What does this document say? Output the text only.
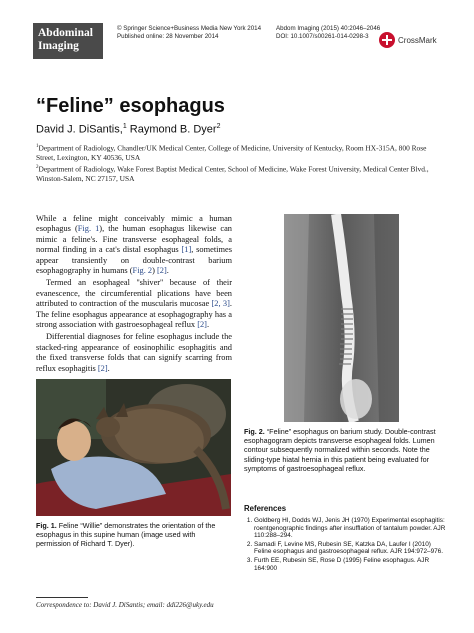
Abdominal Imaging
© Springer Science+Business Media New York 2014
Published online: 28 November 2014
Abdom Imaging (2015) 40:2046–2046
DOI: 10.1007/s00261-014-0298-3	CrossMark
“Feline” esophagus
David J. DiSantis,$^1$ Raymond B. Dyer$^2$
$^1$Department of Radiology, Chandler/UK Medical Center, College of Medicine, University of Kentucky, Room HX-315A, 800 Rose Street, Lexington, KY 40536, USA
$^2$Department of Radiology, Wake Forest Baptist Medical Center, School of Medicine, Wake Forest University, Medical Center Blvd., Winston-Salem, NC 27157, USA

While a feline might conceivably mimic a human esophagus (Fig. 1), the human esophagus likewise can mimic a feline's. Fine transverse esophageal folds, a normal finding in a cat's distal esophagus [1], sometimes appear transiently on double-contrast barium esophagography in humans (Fig. 2) [2].

Termed an esophageal ''shiver'' because of their evanescence, the circumferential plications have been attributed to contraction of the muscularis mucosae [2, 3]. The feline esophagus appearance at esophagography has a strong association with gastroesophageal reflux [2].

Differential diagnoses for feline esophagus include the stacked-ring appearance of eosinophilic esophagitis and the fixed transverse folds that can signify scarring from reflux esophagitis [2].

Fig. 1. Feline “Willie” demonstrates the orientation of the esophagus in this supine human (image used with permission of Richard T. Dyer).
Fig. 2. “Feline” esophagus on barium study. Double-contrast esophagogram depicts transverse esophageal folds. Lumen contour subsequently normalized within seconds. Note the sliding-type hiatal hernia in this patient being evaluated for symptoms of gastroesophageal reflux.
References
1. Goldberg HI, Dodds WJ, Jenis JH (1970) Experimental esophagitis: roentgenographic findings after insufflation of tantalum powder. AJR 110:288–294.
2. Samadi F, Levine MS, Rubesin SE, Katzka DA, Laufer I (2010) Feline esophagus and gastroesophageal reflux. AJR 194:972–976.
3. Furth EE, Rubesin SE, Rose D (1995) Feline esophagus. AJR 164:900
Correspondence to: David J. DiSantis; email: ddi226@uky.edu
